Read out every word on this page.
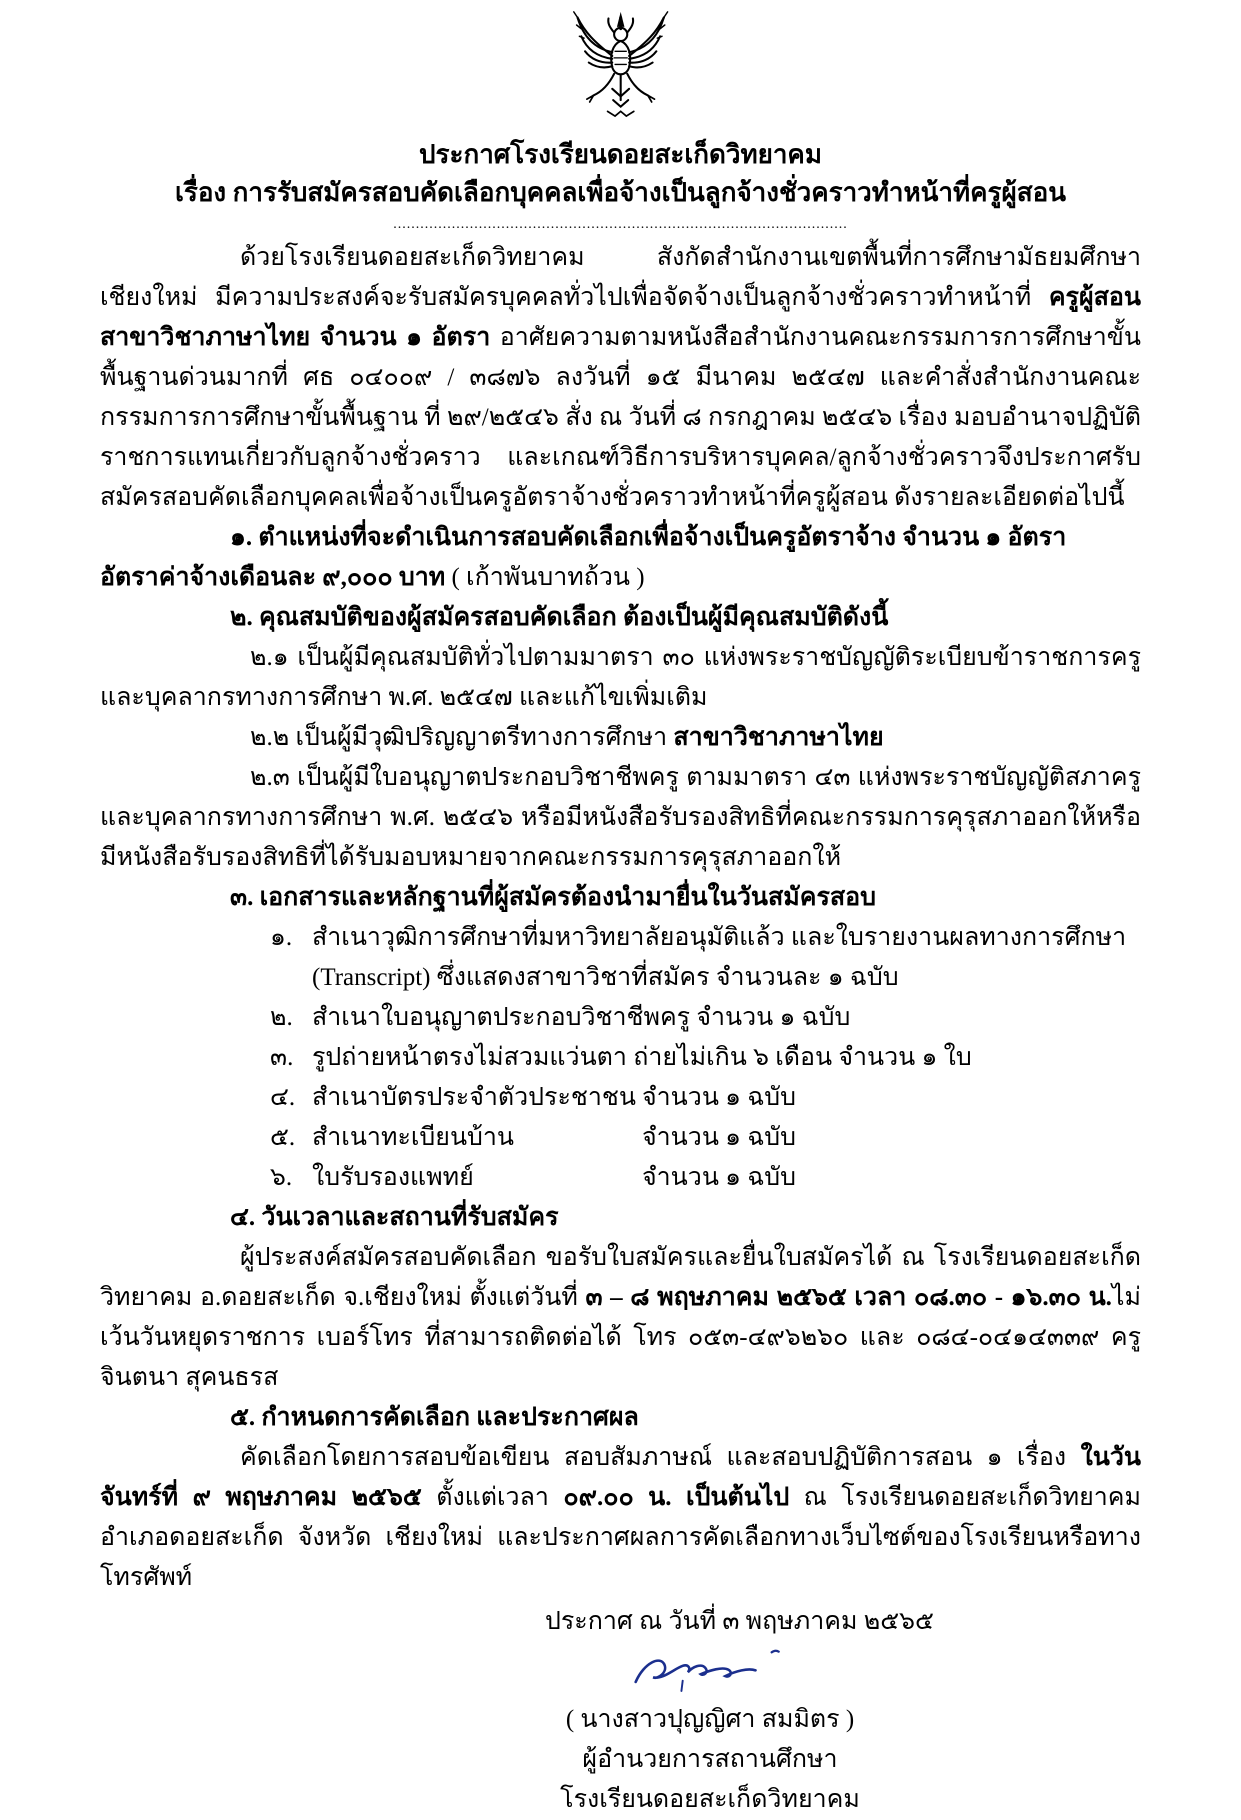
ประกาศโรงเรียนดอยสะเก็ดวิทยาคม
เรื่อง การรับสมัครสอบคัดเลือกบุคคลเพื่อจ้างเป็นลูกจ้างชั่วคราวทำหน้าที่ครูผู้สอน
.....................................................................................................

ด้วยโรงเรียนดอยสะเก็ดวิทยาคม สังกัดสำนักงานเขตพื้นที่การศึกษามัธยมศึกษาเชียงใหม่ มีความประสงค์จะรับสมัครบุคคลทั่วไปเพื่อจัดจ้างเป็นลูกจ้างชั่วคราวทำหน้าที่ ครูผู้สอน สาขาวิชาภาษาไทย จำนวน ๑ อัตรา อาศัยความตามหนังสือสำนักงานคณะกรรมการการศึกษาขั้นพื้นฐานด่วนมากที่ ศธ ๐๔๐๐๙ / ๓๘๗๖ ลงวันที่ ๑๕ มีนาคม ๒๕๔๗ และคำสั่งสำนักงานคณะกรรมการการศึกษาขั้นพื้นฐาน ที่ ๒๙/๒๕๔๖ สั่ง ณ วันที่ ๘ กรกฎาคม ๒๕๔๖ เรื่อง มอบอำนาจปฏิบัติราชการแทนเกี่ยวกับลูกจ้างชั่วคราว และเกณฑ์วิธีการบริหารบุคคล/ลูกจ้างชั่วคราวจึงประกาศรับสมัครสอบคัดเลือกบุคคลเพื่อจ้างเป็นครูอัตราจ้างชั่วคราวทำหน้าที่ครูผู้สอน ดังรายละเอียดต่อไปนี้

๑. ตำแหน่งที่จะดำเนินการสอบคัดเลือกเพื่อจ้างเป็นครูอัตราจ้าง จำนวน ๑ อัตรา

อัตราค่าจ้างเดือนละ ๙,๐๐๐ บาท ( เก้าพันบาทถ้วน )

๒. คุณสมบัติของผู้สมัครสอบคัดเลือก ต้องเป็นผู้มีคุณสมบัติดังนี้

๒.๑ เป็นผู้มีคุณสมบัติทั่วไปตามมาตรา ๓๐ แห่งพระราชบัญญัติระเบียบข้าราชการครูและบุคลากรทางการศึกษา พ.ศ. ๒๕๔๗ และแก้ไขเพิ่มเติม

๒.๒ เป็นผู้มีวุฒิปริญญาตรีทางการศึกษา สาขาวิชาภาษาไทย

๒.๓ เป็นผู้มีใบอนุญาตประกอบวิชาชีพครู ตามมาตรา ๔๓ แห่งพระราชบัญญัติสภาครูและบุคลากรทางการศึกษา พ.ศ. ๒๕๔๖ หรือมีหนังสือรับรองสิทธิที่คณะกรรมการคุรุสภาออกให้หรือมีหนังสือรับรองสิทธิที่ได้รับมอบหมายจากคณะกรรมการคุรุสภาออกให้

๓. เอกสารและหลักฐานที่ผู้สมัครต้องนำมายื่นในวันสมัครสอบ
๑. สำเนาวุฒิการศึกษาที่มหาวิทยาลัยอนุมัติแล้ว และใบรายงานผลทางการศึกษา (Transcript) ซึ่งแสดงสาขาวิชาที่สมัคร จำนวนละ ๑ ฉบับ
๒. สำเนาใบอนุญาตประกอบวิชาชีพครู จำนวน ๑ ฉบับ
๓. รูปถ่ายหน้าตรงไม่สวมแว่นตา ถ่ายไม่เกิน ๖ เดือน จำนวน ๑ ใบ
๔. สำเนาบัตรประจำตัวประชาชน จำนวน ๑ ฉบับ
๕. สำเนาทะเบียนบ้าน	จำนวน ๑ ฉบับ
๖. ใบรับรองแพทย์	จำนวน ๑ ฉบับ
๔. วันเวลาและสถานที่รับสมัคร

ผู้ประสงค์สมัครสอบคัดเลือก ขอรับใบสมัครและยื่นใบสมัครได้ ณ โรงเรียนดอยสะเก็ดวิทยาคม อ.ดอยสะเก็ด จ.เชียงใหม่ ตั้งแต่วันที่ ๓ – ๘ พฤษภาคม ๒๕๖๕ เวลา ๐๘.๓๐ - ๑๖.๓๐ น.ไม่เว้นวันหยุดราชการ เบอร์โทร ที่สามารถติดต่อได้ โทร ๐๕๓-๔๙๖๒๖๐ และ ๐๘๔-๐๔๑๔๓๓๙ ครูจินตนา สุคนธรส

๕. กำหนดการคัดเลือก และประกาศผล

คัดเลือกโดยการสอบข้อเขียน สอบสัมภาษณ์ และสอบปฏิบัติการสอน ๑ เรื่อง ในวันจันทร์ที่ ๙ พฤษภาคม ๒๕๖๕ ตั้งแต่เวลา ๐๙.๐๐ น. เป็นต้นไป ณ โรงเรียนดอยสะเก็ดวิทยาคม อำเภอดอยสะเก็ด จังหวัด เชียงใหม่ และประกาศผลการคัดเลือกทางเว็บไซต์ของโรงเรียนหรือทางโทรศัพท์

ประกาศ ณ วันที่ ๓ พฤษภาคม ๒๕๖๕
( นางสาวปุญญิศา สมมิตร )
ผู้อำนวยการสถานศึกษา
โรงเรียนดอยสะเก็ดวิทยาคม
